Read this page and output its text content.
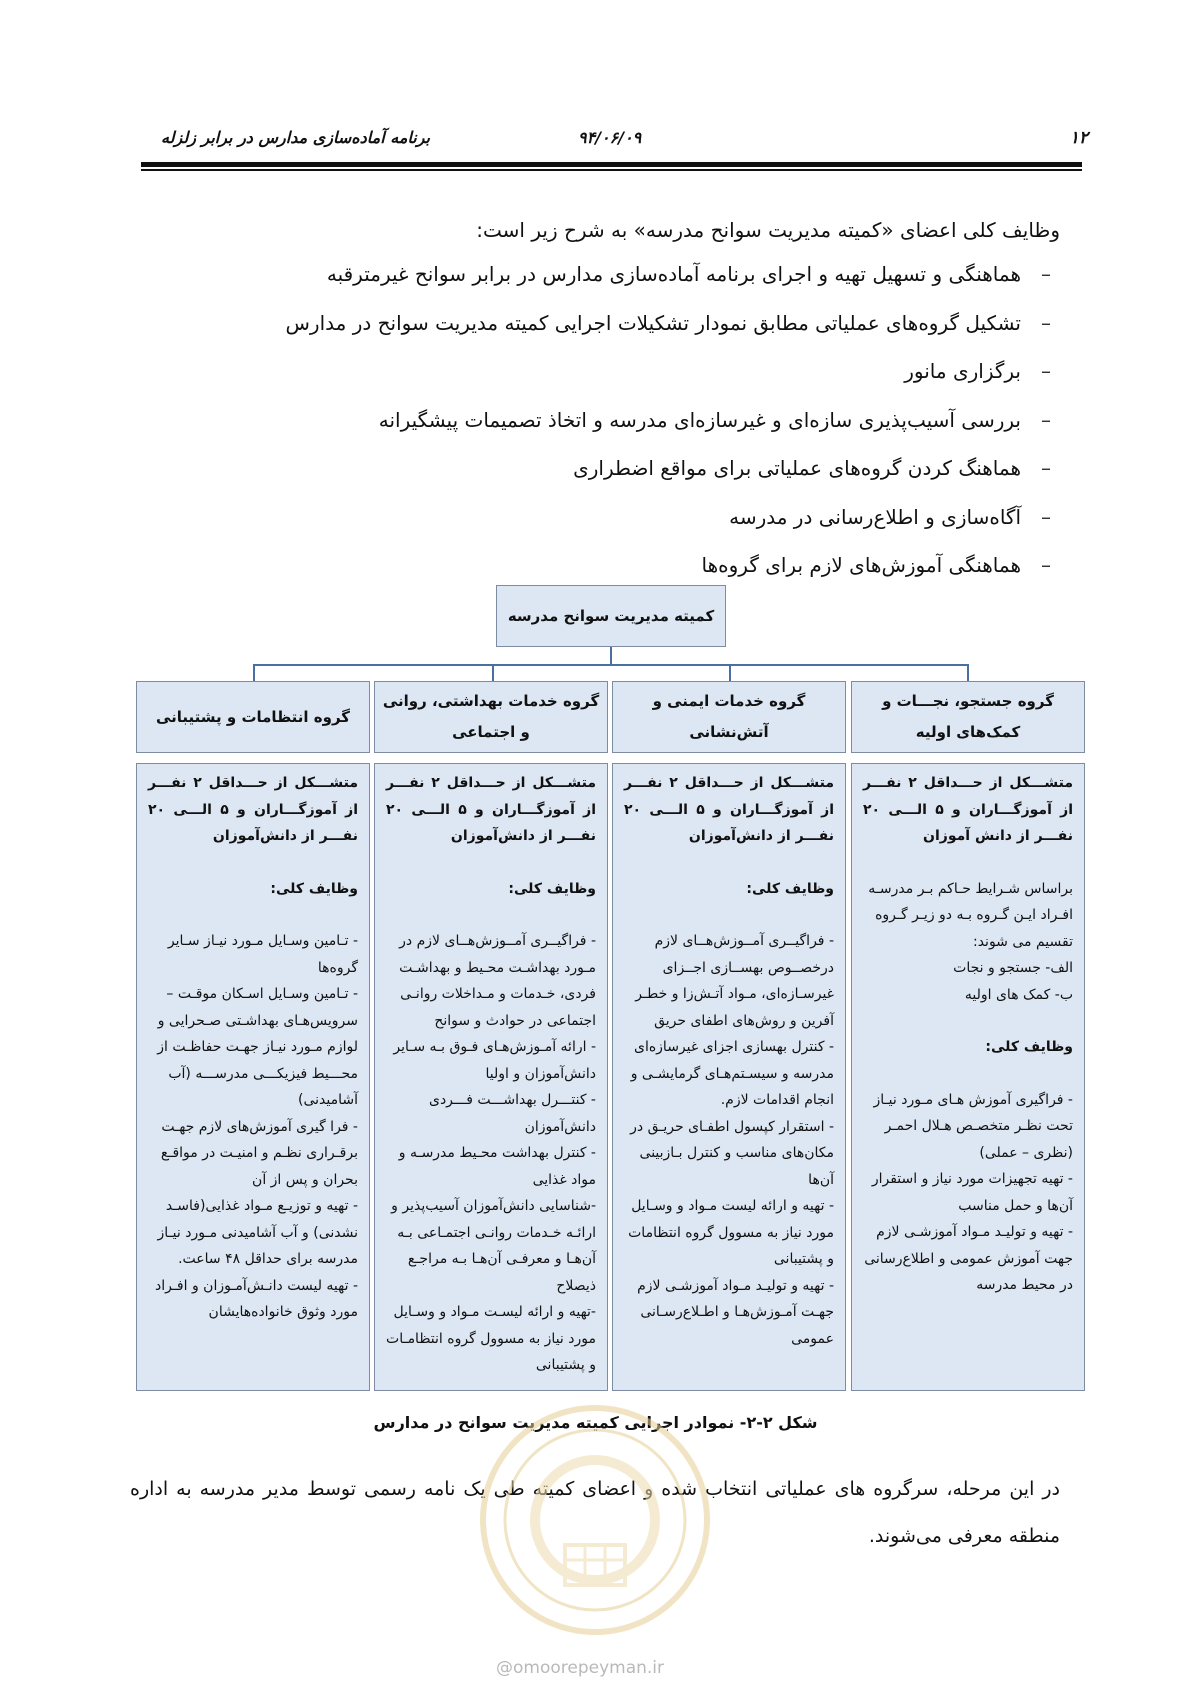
برنامه آماده‌سازی مدارس در برابر زلزله	۹۴/۰۶/۰۹	۱۲
وظایف کلی اعضای «کمیته مدیریت سوانح مدرسه» به شرح زیر است:
–
هماهنگی و تسهیل تهیه و اجرای برنامه آماده‌سازی مدارس در برابر سوانح غیرمترقبه
–
تشکیل گروه‌های عملیاتی مطابق نمودار تشکیلات اجرایی کمیته مدیریت سوانح در مدارس
–
برگزاری مانور
–
بررسی آسیب‌پذیری سازه‌ای و غیرسازه‌ای مدرسه و اتخاذ تصمیمات پیشگیرانه
–
هماهنگ کردن گروه‌های عملیاتی برای مواقع اضطراری
–
آگاه‌سازی و اطلاع‌رسانی در مدرسه
–
هماهنگی آموزش‌های لازم برای گروه‌ها
کمیته مدیریت سوانح مدرسه
گروه جستجو، نجـــات و کمک‌های اولیه
گروه خدمات ایمنی و آتش‌نشانی
گروه خدمات بهداشتی، روانی و اجتماعی
گروه انتظامات و پشتیبانی
متشـــکل از حـــداقل ۲ نفـــر از آموزگـــاران و ۵ الـــی ۲۰ نفـــر از دانش آموزان
براساس شـرایط حـاکم بـر مدرسـه
افـراد ایـن گـروه بـه دو زیـر گـروه
تقسیم می شوند:
الف- جستجو و نجات
ب- کمک های اولیه
وظایف کلی:
- فراگیری آموزش هـای مـورد نیـاز
تحت نظـر متخصـص هـلال احمـر
(نظری – عملی)
- تهیه تجهیزات مورد نیاز و استقرار
آن‌ها و حمل مناسب
- تهیه و تولیـد مـواد آموزشـی لازم
جهت آموزش عمومی و اطلاع‌رسانی
در محیط مدرسه
متشـــکل از حـــداقل ۲ نفـــر از آموزگـــاران و ۵ الـــی ۲۰ نفـــر از دانش‌آموزان
وظایف کلی:
- فراگیــری آمــوزش‌هــای لازم
درخصــوص بهســازی اجــزای
غیرسـازه‌ای، مـواد آتـش‌زا و خطـر
آفرین و روش‌های اطفای حریق
- کنترل بهسازی اجزای غیرسازه‌ای
مدرسه و سیسـتم‌هـای گرمایشـی و
انجام اقدامات لازم.
- استقرار کپسول اطفـای حریـق در
مکان‌های مناسب و کنترل بـازبینی
آن‌ها
- تهیه و ارائه لیست مـواد و وسـایل
مورد نیاز به مسوول گروه انتظامات
و پشتیبانی
- تهیه و تولیـد مـواد آموزشـی لازم
جهـت آمـوزش‌هـا و اطـلاع‌رسـانی
عمومی
متشـــکل از حـــداقل ۲ نفـــر از آموزگـــاران و ۵ الـــی ۲۰ نفـــر از دانش‌آموزان
وظایف کلی:
- فراگیــری آمــوزش‌هــای لازم در
مـورد بهداشـت محـیط و بهداشـت
فردی، خـدمات و مـداخلات روانـی
اجتماعی در حوادث و سوانح
- ارائه آمـوزش‌هـای فـوق بـه سـایر
دانش‌آموزان و اولیا
- کنتـــرل بهداشـــت فـــردی
دانش‌آموزان
- کنترل بهداشت محـیط مدرسـه و
مواد غذایی
-شناسایی دانش‌آموزان آسیب‌پذیر و
ارائـه خـدمات روانـی اجتمـاعی بـه
آن‌هـا و معرفـی آن‌هـا بـه مراجـع
ذیصلاح
-تهیه و ارائه لیسـت مـواد و وسـایل
مورد نیاز به مسوول گروه انتظامـات
و پشتیبانی
متشـــکل از حـــداقل ۲ نفـــر از آموزگـــاران و ۵ الـــی ۲۰ نفـــر از دانش‌آموزان
وظایف کلی:
- تـامین وسـایل مـورد نیـاز سـایر
گروه‌ها
- تـامین وسـایل اسـکان موقـت –
سرویس‌هـای بهداشـتی صـحرایی و
لوازم مـورد نیـاز جهـت حفاظـت از
محـــیط فیزیکـــی مدرســـه (آب
آشامیدنی)
- فرا گیری آموزش‌های لازم جهـت
برقـراری نظـم و امنیـت در مواقـع
بحران و پس از آن
- تهیه و توزیـع مـواد غذایی(فاسـد
نشدنی) و آب آشامیدنی مـورد نیـاز
مدرسه برای حداقل ۴۸ ساعت.
- تهیه لیست دانـش‌آمـوزان و افـراد
مورد وثوق خانواده‌هایشان
شکل ۲-۲- نموادر اجرایی کمیته مدیریت سوانح در مدارس
در این مرحله، سرگروه های عملیاتی انتخاب شده و اعضای کمیته طی یک نامه رسمی توسط مدیر مدرسه به اداره منطقه معرفی می‌شوند.
@omoorepeyman.ir
